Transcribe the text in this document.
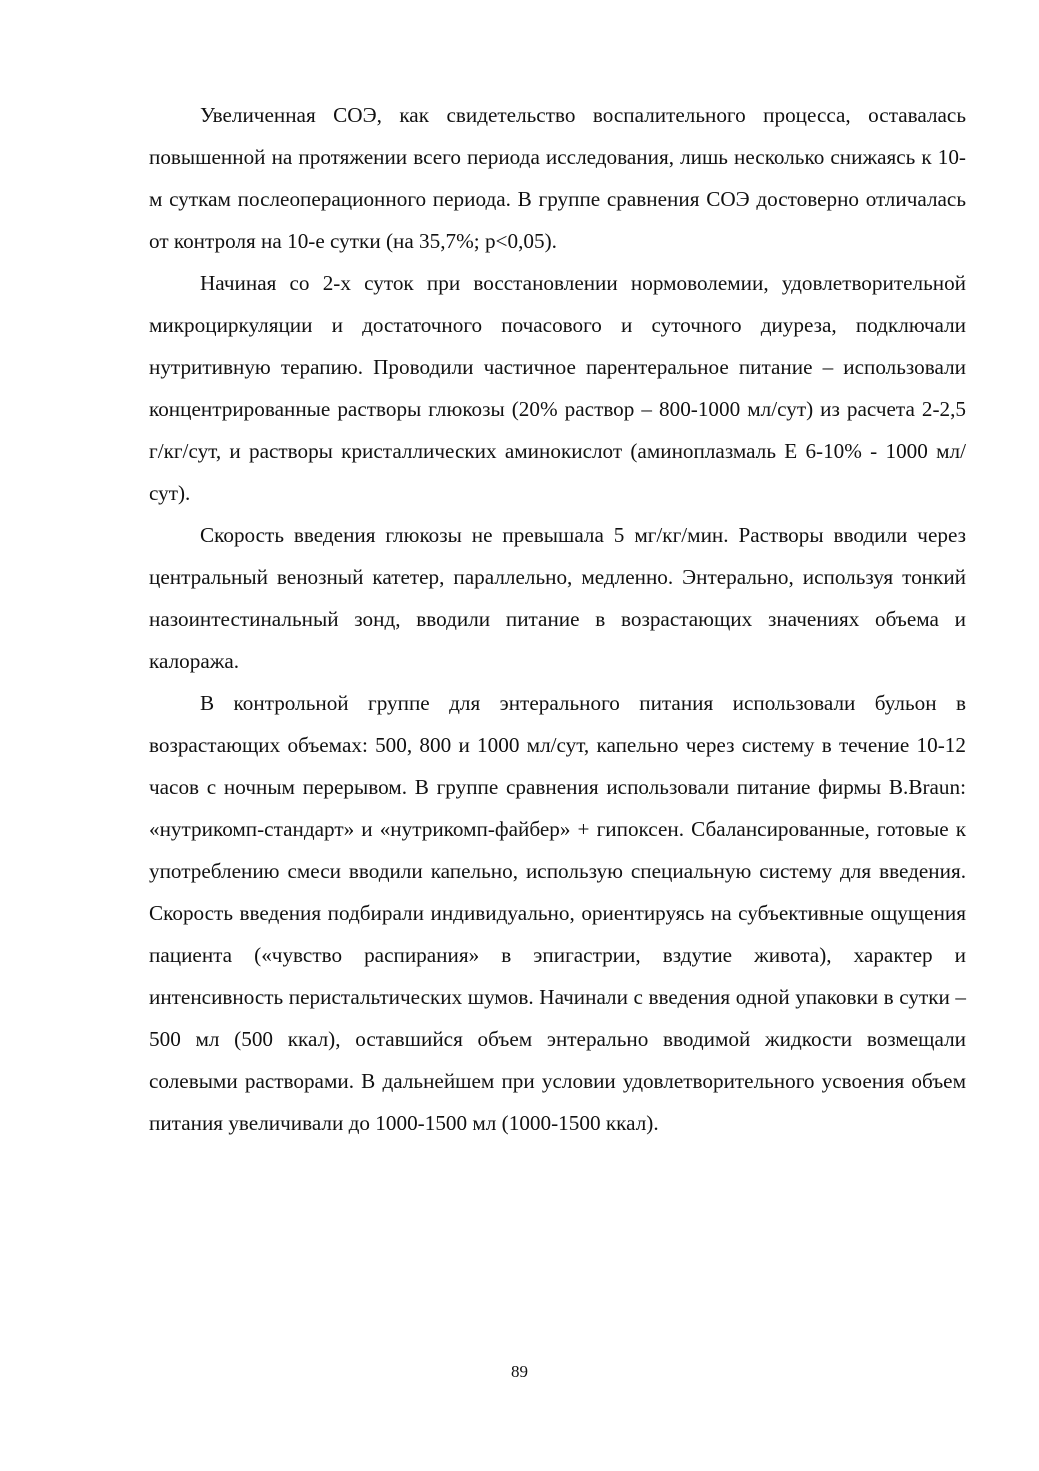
Увеличенная СОЭ, как свидетельство воспалительного процесса, оставалась повышенной на протяжении всего периода исследования, лишь несколько снижаясь к 10-м суткам послеоперационного периода. В группе сравнения СОЭ достоверно отличалась от контроля на 10-е сутки (на 35,7%; р<0,05).

Начиная со 2-х суток при восстановлении нормоволемии, удовлетворительной микроциркуляции и достаточного почасового и суточного диуреза, подключали нутритивную терапию. Проводили частичное парентеральное питание – использовали концентрированные растворы глюкозы (20% раствор – 800-1000 мл/сут) из расчета 2-2,5 г/кг/сут, и растворы кристаллических аминокислот (аминоплазмаль Е 6-10% - 1000 мл/сут).

Скорость введения глюкозы не превышала 5 мг/кг/мин. Растворы вводили через центральный венозный катетер, параллельно, медленно. Энтерально, используя тонкий назоинтестинальный зонд, вводили питание в возрастающих значениях объема и калоража.

В контрольной группе для энтерального питания использовали бульон в возрастающих объемах: 500, 800 и 1000 мл/сут, капельно через систему в течение 10-12 часов с ночным перерывом. В группе сравнения использовали питание фирмы B.Braun: «нутрикомп-стандарт» и «нутрикомп-файбер» + гипоксен. Сбалансированные, готовые к употреблению смеси вводили капельно, использую специальную систему для введения. Скорость введения подбирали индивидуально, ориентируясь на субъективные ощущения пациента («чувство распирания» в эпигастрии, вздутие живота), характер и интенсивность перистальтических шумов. Начинали с введения одной упаковки в сутки – 500 мл (500 ккал), оставшийся объем энтерально вводимой жидкости возмещали солевыми растворами. В дальнейшем при условии удовлетворительного усвоения объем питания увеличивали до 1000-1500 мл (1000-1500 ккал).

89
